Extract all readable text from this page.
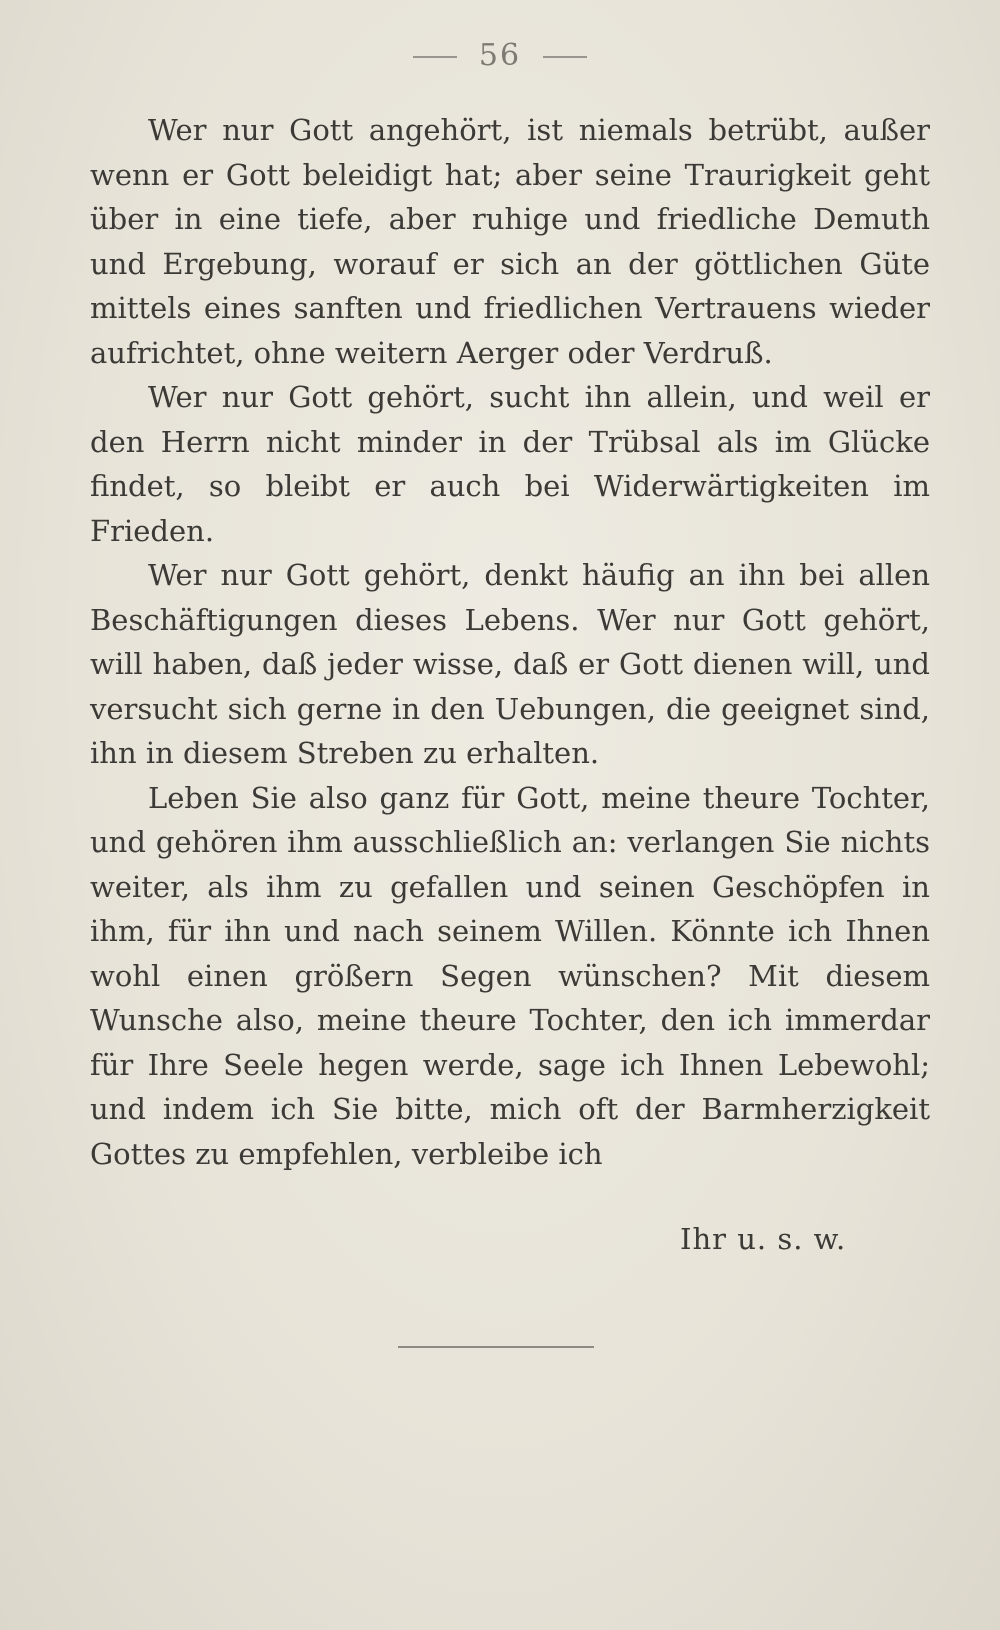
56

Wer nur Gott angehört, ist niemals betrübt, außer wenn er Gott beleidigt hat; aber seine Traurigkeit geht über in eine tiefe, aber ruhige und friedliche Demuth und Ergebung, worauf er sich an der göttlichen Güte mittels eines sanften und friedlichen Vertrauens wieder aufrichtet, ohne weitern Aerger oder Verdruß.

Wer nur Gott gehört, sucht ihn allein, und weil er den Herrn nicht minder in der Trübsal als im Glücke findet, so bleibt er auch bei Widerwärtigkeiten im Frieden.

Wer nur Gott gehört, denkt häufig an ihn bei allen Beschäftigungen dieses Lebens. Wer nur Gott gehört, will haben, daß jeder wisse, daß er Gott dienen will, und versucht sich gerne in den Uebungen, die geeignet sind, ihn in diesem Streben zu erhalten.

Leben Sie also ganz für Gott, meine theure Tochter, und gehören ihm ausschließlich an: verlangen Sie nichts weiter, als ihm zu gefallen und seinen Geschöpfen in ihm, für ihn und nach seinem Willen. Könnte ich Ihnen wohl einen größern Segen wünschen? Mit diesem Wunsche also, meine theure Tochter, den ich immerdar für Ihre Seele hegen werde, sage ich Ihnen Lebewohl; und indem ich Sie bitte, mich oft der Barmherzigkeit Gottes zu empfehlen, verbleibe ich

Ihr u. s. w.
